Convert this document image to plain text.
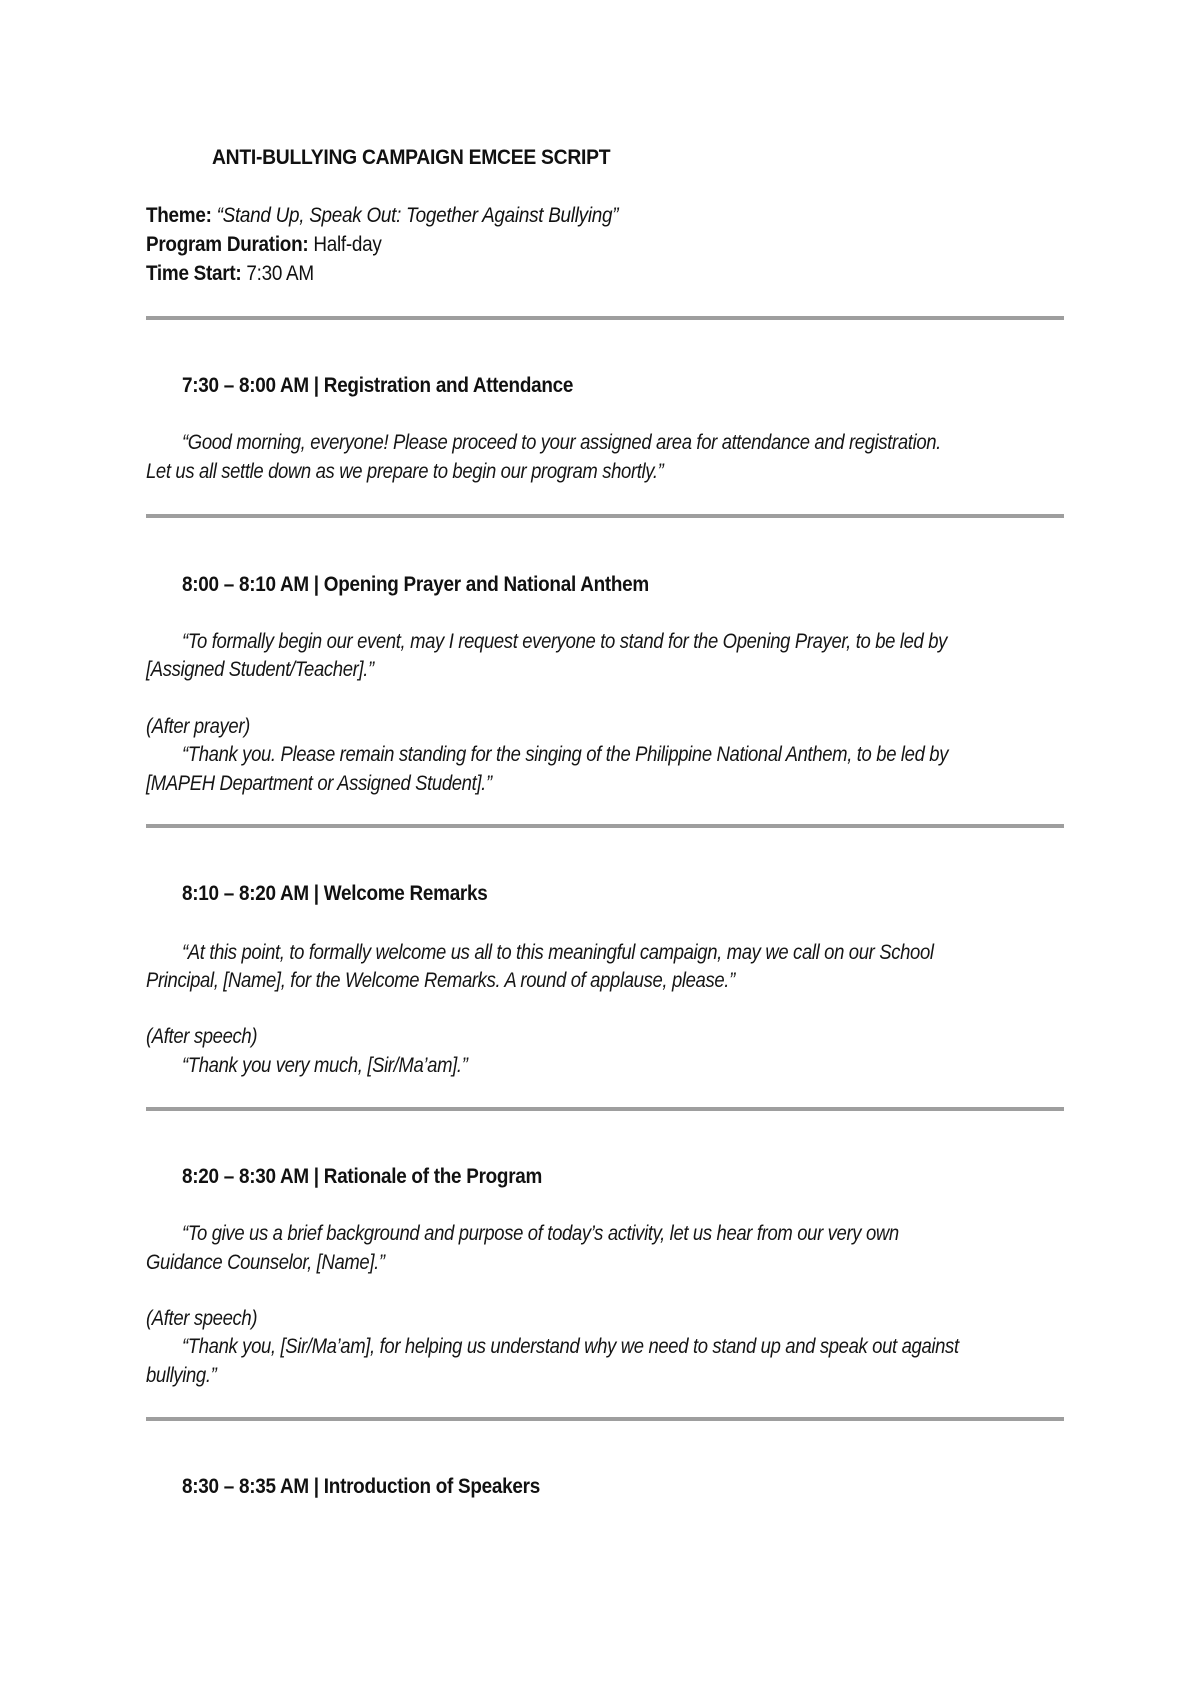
ANTI-BULLYING CAMPAIGN EMCEE SCRIPT
Theme: “Stand Up, Speak Out: Together Against Bullying”
Program Duration: Half-day
Time Start: 7:30 AM
7:30 – 8:00 AM | Registration and Attendance
“Good morning, everyone! Please proceed to your assigned area for attendance and registration.
Let us all settle down as we prepare to begin our program shortly.”
8:00 – 8:10 AM | Opening Prayer and National Anthem
“To formally begin our event, may I request everyone to stand for the Opening Prayer, to be led by
[Assigned Student/Teacher].”
(After prayer)
“Thank you. Please remain standing for the singing of the Philippine National Anthem, to be led by
[MAPEH Department or Assigned Student].”
8:10 – 8:20 AM | Welcome Remarks
“At this point, to formally welcome us all to this meaningful campaign, may we call on our School
Principal, [Name], for the Welcome Remarks. A round of applause, please.”
(After speech)
“Thank you very much, [Sir/Ma’am].”
8:20 – 8:30 AM | Rationale of the Program
“To give us a brief background and purpose of today’s activity, let us hear from our very own
Guidance Counselor, [Name].”
(After speech)
“Thank you, [Sir/Ma’am], for helping us understand why we need to stand up and speak out against
bullying.”
8:30 – 8:35 AM | Introduction of Speakers
